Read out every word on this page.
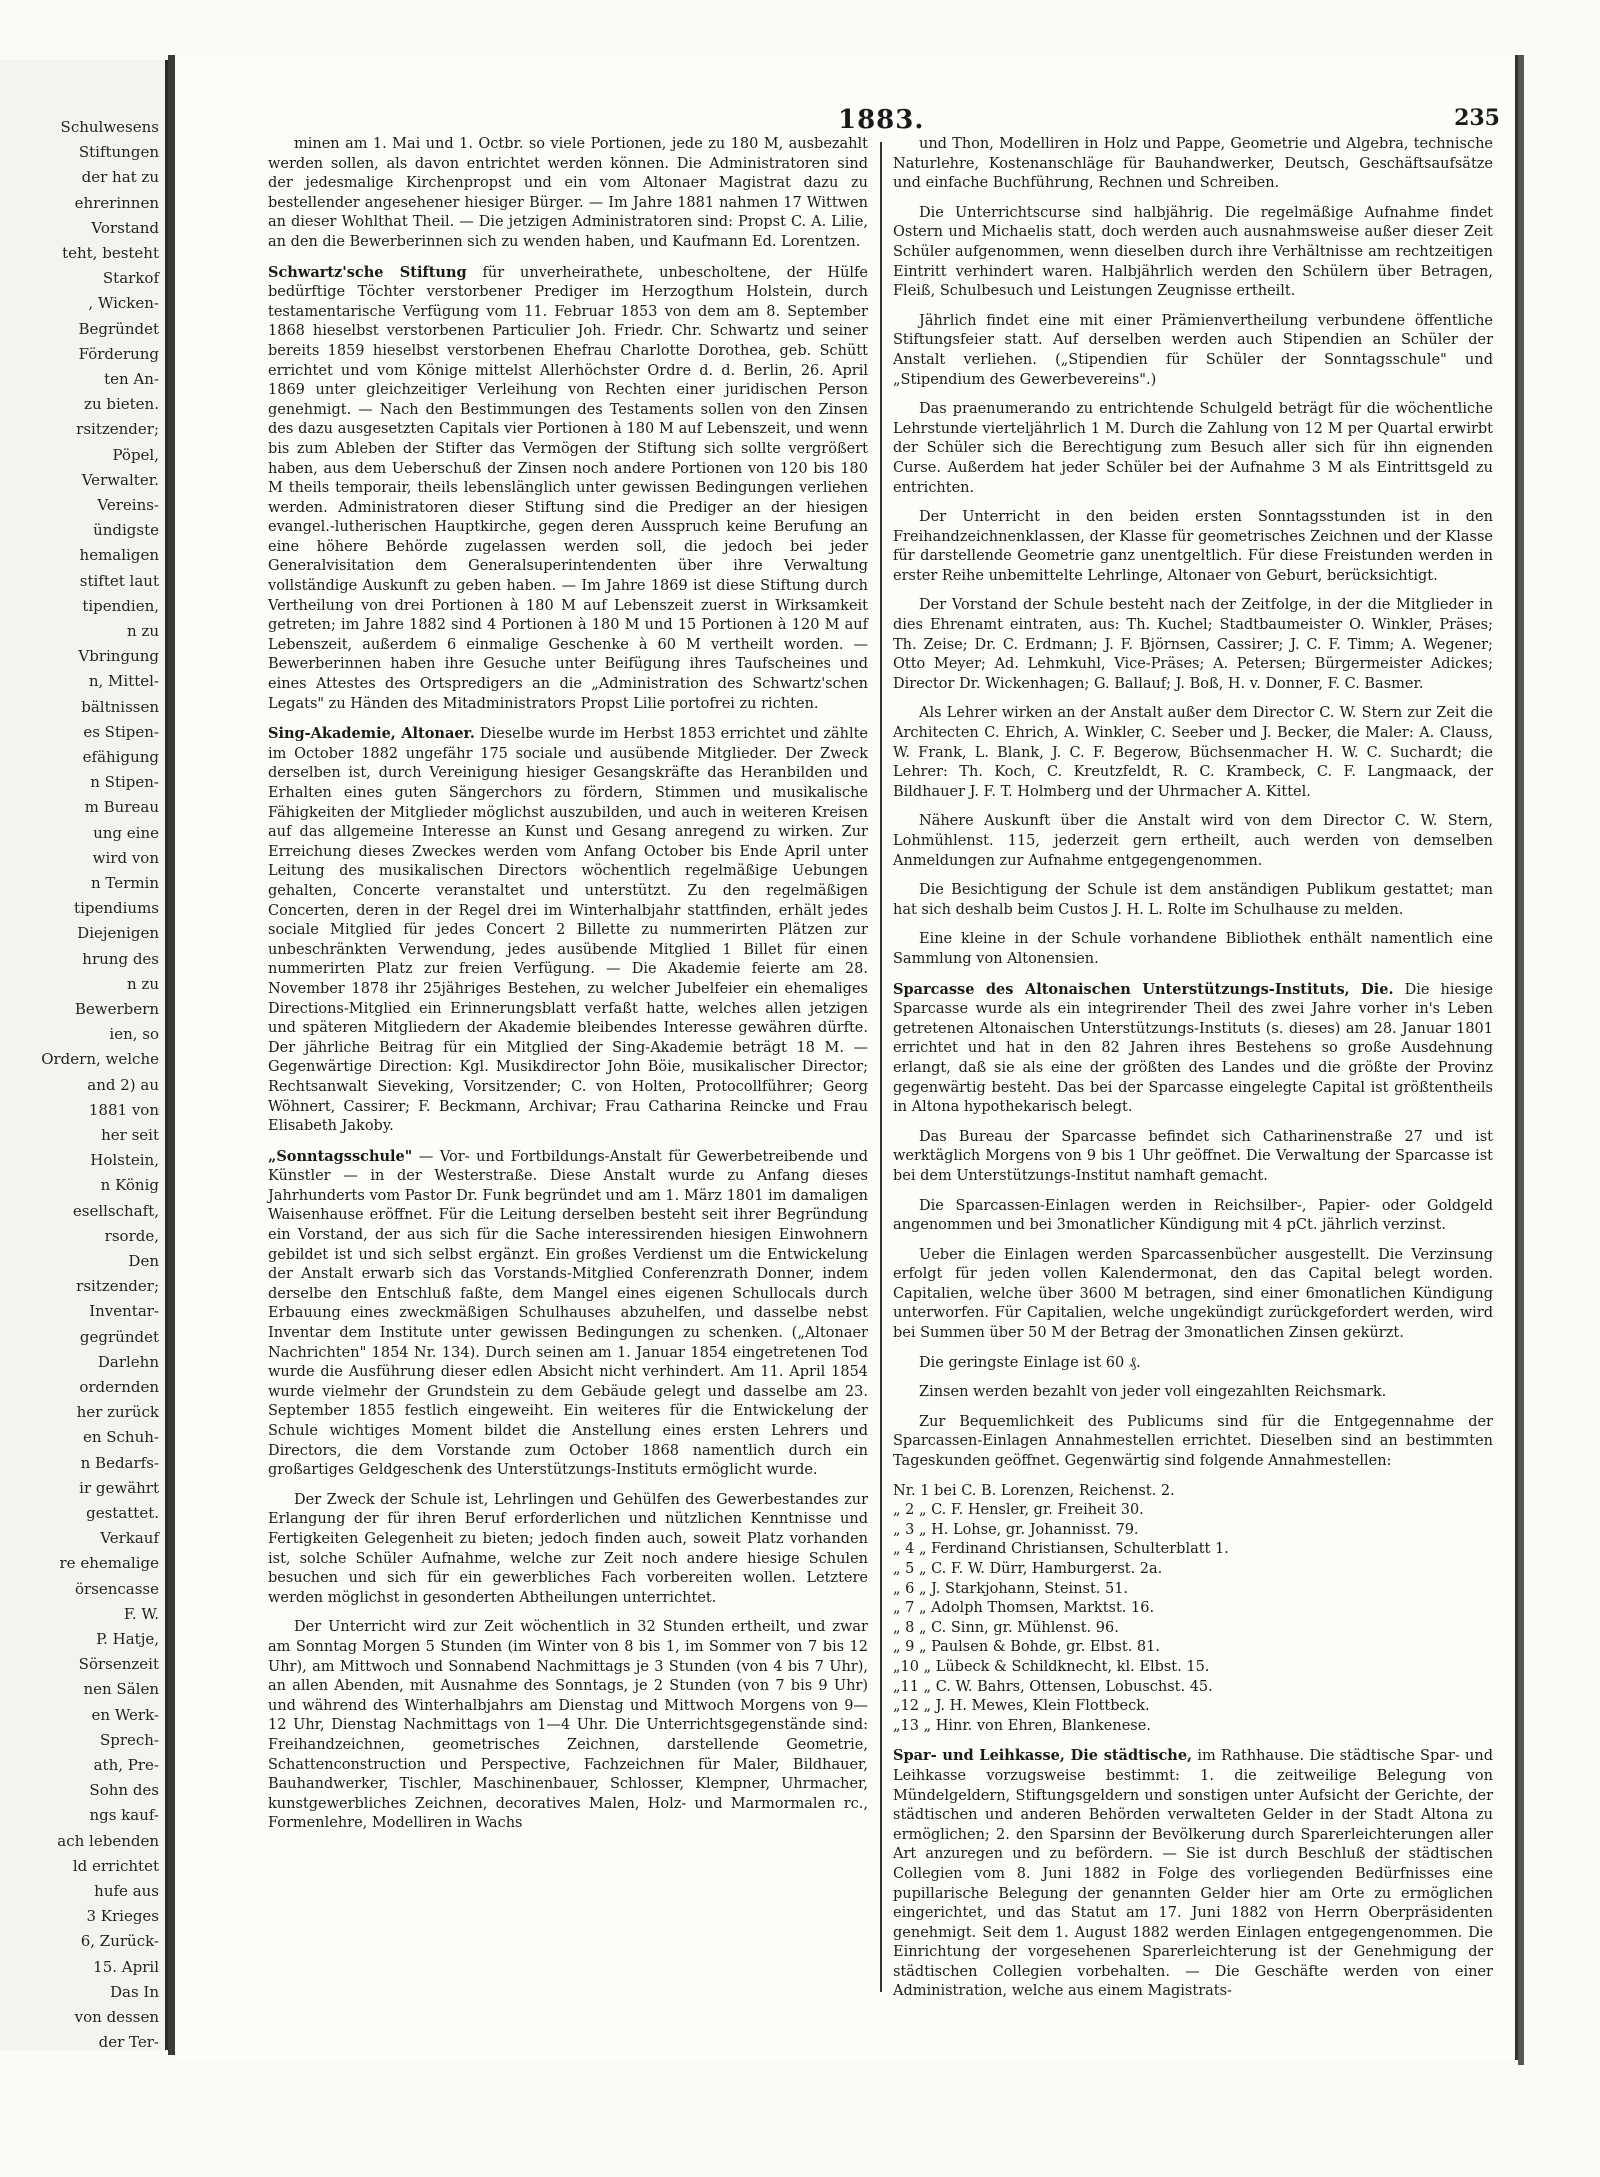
Schulwesens
Stiftungen
der hat zu
ehrerinnen
Vorstand
teht, besteht
Starkof
, Wicken-
Begründet
Förderung
ten An-
zu bieten.
rsitzender;
Pöpel,
Verwalter.
Vereins-
ündigste
hemaligen
stiftet laut
tipendien,
n zu
Vbringung
n, Mittel-
bältnissen
es Stipen-
efähigung
n Stipen-
m Bureau
ung eine
wird von
n Termin
tipendiums
Diejenigen
hrung des
n zu
Bewerbern
ien, so
Ordern, welche
and 2) au
1881 von
her seit
Holstein,
n König
esellschaft,
rsorde,
Den
rsitzender;
Inventar-
gegründet
Darlehn
ordernden
her zurück
en Schuh-
n Bedarfs-
ir gewährt
gestattet.
Verkauf
re ehemalige
örsencasse
F. W.
P. Hatje,
Sörsenzeit
nen Sälen
en Werk-
Sprech-
ath, Pre-
Sohn des
ngs kauf-
ach lebenden
ld errichtet
hufe aus
3 Krieges
6, Zurück-
15. April
Das In
von dessen
der Ter-
1883.	235

minen am 1. Mai und 1. Octbr. so viele Portionen, jede zu 180 M, ausbezahlt werden sollen, als davon entrichtet werden können. Die Administratoren sind der jedesmalige Kirchenpropst und ein vom Altonaer Magistrat dazu zu bestellender angesehener hiesiger Bürger. — Im Jahre 1881 nahmen 17 Wittwen an dieser Wohlthat Theil. — Die jetzigen Administratoren sind: Propst C. A. Lilie, an den die Bewerberinnen sich zu wenden haben, und Kaufmann Ed. Lorentzen.

Schwartz'sche Stiftung für unverheirathete, unbescholtene, der Hülfe bedürftige Töchter verstorbener Prediger im Herzogthum Holstein, durch testamentarische Verfügung vom 11. Februar 1853 von dem am 8. September 1868 hieselbst verstorbenen Particulier Joh. Friedr. Chr. Schwartz und seiner bereits 1859 hieselbst verstorbenen Ehefrau Charlotte Dorothea, geb. Schütt errichtet und vom Könige mittelst Allerhöchster Ordre d. d. Berlin, 26. April 1869 unter gleichzeitiger Verleihung von Rechten einer juridischen Person genehmigt. — Nach den Bestimmungen des Testaments sollen von den Zinsen des dazu ausgesetzten Capitals vier Portionen à 180 M auf Lebenszeit, und wenn bis zum Ableben der Stifter das Vermögen der Stiftung sich sollte vergrößert haben, aus dem Ueberschuß der Zinsen noch andere Portionen von 120 bis 180 M theils temporair, theils lebenslänglich unter gewissen Bedingungen verliehen werden. Administratoren dieser Stiftung sind die Prediger an der hiesigen evangel.-lutherischen Hauptkirche, gegen deren Ausspruch keine Berufung an eine höhere Behörde zugelassen werden soll, die jedoch bei jeder Generalvisitation dem Generalsuperintendenten über ihre Verwaltung vollständige Auskunft zu geben haben. — Im Jahre 1869 ist diese Stiftung durch Vertheilung von drei Portionen à 180 M auf Lebenszeit zuerst in Wirksamkeit getreten; im Jahre 1882 sind 4 Portionen à 180 M und 15 Portionen à 120 M auf Lebenszeit, außerdem 6 einmalige Geschenke à 60 M vertheilt worden. — Bewerberinnen haben ihre Gesuche unter Beifügung ihres Taufscheines und eines Attestes des Ortspredigers an die „Administration des Schwartz'schen Legats" zu Händen des Mitadministrators Propst Lilie portofrei zu richten.

Sing-Akademie, Altonaer. Dieselbe wurde im Herbst 1853 errichtet und zählte im October 1882 ungefähr 175 sociale und ausübende Mitglieder. Der Zweck derselben ist, durch Vereinigung hiesiger Gesangskräfte das Heranbilden und Erhalten eines guten Sängerchors zu fördern, Stimmen und musikalische Fähigkeiten der Mitglieder möglichst auszubilden, und auch in weiteren Kreisen auf das allgemeine Interesse an Kunst und Gesang anregend zu wirken. Zur Erreichung dieses Zweckes werden vom Anfang October bis Ende April unter Leitung des musikalischen Directors wöchentlich regelmäßige Uebungen gehalten, Concerte veranstaltet und unterstützt. Zu den regelmäßigen Concerten, deren in der Regel drei im Winterhalbjahr stattfinden, erhält jedes sociale Mitglied für jedes Concert 2 Billette zu nummerirten Plätzen zur unbeschränkten Verwendung, jedes ausübende Mitglied 1 Billet für einen nummerirten Platz zur freien Verfügung. — Die Akademie feierte am 28. November 1878 ihr 25jähriges Bestehen, zu welcher Jubelfeier ein ehemaliges Directions-Mitglied ein Erinnerungsblatt verfaßt hatte, welches allen jetzigen und späteren Mitgliedern der Akademie bleibendes Interesse gewähren dürfte. Der jährliche Beitrag für ein Mitglied der Sing-Akademie beträgt 18 M. — Gegenwärtige Direction: Kgl. Musikdirector John Böie, musikalischer Director; Rechtsanwalt Sieveking, Vorsitzender; C. von Holten, Protocollführer; Georg Wöhnert, Cassirer; F. Beckmann, Archivar; Frau Catharina Reincke und Frau Elisabeth Jakoby.

„Sonntagsschule" — Vor- und Fortbildungs-Anstalt für Gewerbetreibende und Künstler — in der Westerstraße. Diese Anstalt wurde zu Anfang dieses Jahrhunderts vom Pastor Dr. Funk begründet und am 1. März 1801 im damaligen Waisenhause eröffnet. Für die Leitung derselben besteht seit ihrer Begründung ein Vorstand, der aus sich für die Sache interessirenden hiesigen Einwohnern gebildet ist und sich selbst ergänzt. Ein großes Verdienst um die Entwickelung der Anstalt erwarb sich das Vorstands-Mitglied Conferenzrath Donner, indem derselbe den Entschluß faßte, dem Mangel eines eigenen Schullocals durch Erbauung eines zweckmäßigen Schulhauses abzuhelfen, und dasselbe nebst Inventar dem Institute unter gewissen Bedingungen zu schenken. („Altonaer Nachrichten" 1854 Nr. 134). Durch seinen am 1. Januar 1854 eingetretenen Tod wurde die Ausführung dieser edlen Absicht nicht verhindert. Am 11. April 1854 wurde vielmehr der Grundstein zu dem Gebäude gelegt und dasselbe am 23. September 1855 festlich eingeweiht. Ein weiteres für die Entwickelung der Schule wichtiges Moment bildet die Anstellung eines ersten Lehrers und Directors, die dem Vorstande zum October 1868 namentlich durch ein großartiges Geldgeschenk des Unterstützungs-Instituts ermöglicht wurde.

Der Zweck der Schule ist, Lehrlingen und Gehülfen des Gewerbestandes zur Erlangung der für ihren Beruf erforderlichen und nützlichen Kenntnisse und Fertigkeiten Gelegenheit zu bieten; jedoch finden auch, soweit Platz vorhanden ist, solche Schüler Aufnahme, welche zur Zeit noch andere hiesige Schulen besuchen und sich für ein gewerbliches Fach vorbereiten wollen. Letztere werden möglichst in gesonderten Abtheilungen unterrichtet.

Der Unterricht wird zur Zeit wöchentlich in 32 Stunden ertheilt, und zwar am Sonntag Morgen 5 Stunden (im Winter von 8 bis 1, im Sommer von 7 bis 12 Uhr), am Mittwoch und Sonnabend Nachmittags je 3 Stunden (von 4 bis 7 Uhr), an allen Abenden, mit Ausnahme des Sonntags, je 2 Stunden (von 7 bis 9 Uhr) und während des Winterhalbjahrs am Dienstag und Mittwoch Morgens von 9—12 Uhr, Dienstag Nachmittags von 1—4 Uhr. Die Unterrichtsgegenstände sind: Freihandzeichnen, geometrisches Zeichnen, darstellende Geometrie, Schattenconstruction und Perspective, Fachzeichnen für Maler, Bildhauer, Bauhandwerker, Tischler, Maschinenbauer, Schlosser, Klempner, Uhrmacher, kunstgewerbliches Zeichnen, decoratives Malen, Holz- und Marmormalen rc., Formenlehre, Modelliren in Wachs

und Thon, Modelliren in Holz und Pappe, Geometrie und Algebra, technische Naturlehre, Kostenanschläge für Bauhandwerker, Deutsch, Geschäftsaufsätze und einfache Buchführung, Rechnen und Schreiben.

Die Unterrichtscurse sind halbjährig. Die regelmäßige Aufnahme findet Ostern und Michaelis statt, doch werden auch ausnahmsweise außer dieser Zeit Schüler aufgenommen, wenn dieselben durch ihre Verhältnisse am rechtzeitigen Eintritt verhindert waren. Halbjährlich werden den Schülern über Betragen, Fleiß, Schulbesuch und Leistungen Zeugnisse ertheilt.

Jährlich findet eine mit einer Prämienvertheilung verbundene öffentliche Stiftungsfeier statt. Auf derselben werden auch Stipendien an Schüler der Anstalt verliehen. („Stipendien für Schüler der Sonntagsschule" und „Stipendium des Gewerbevereins".)

Das praenumerando zu entrichtende Schulgeld beträgt für die wöchentliche Lehrstunde vierteljährlich 1 M. Durch die Zahlung von 12 M per Quartal erwirbt der Schüler sich die Berechtigung zum Besuch aller sich für ihn eignenden Curse. Außerdem hat jeder Schüler bei der Aufnahme 3 M als Eintrittsgeld zu entrichten.

Der Unterricht in den beiden ersten Sonntagsstunden ist in den Freihandzeichnenklassen, der Klasse für geometrisches Zeichnen und der Klasse für darstellende Geometrie ganz unentgeltlich. Für diese Freistunden werden in erster Reihe unbemittelte Lehrlinge, Altonaer von Geburt, berücksichtigt.

Der Vorstand der Schule besteht nach der Zeitfolge, in der die Mitglieder in dies Ehrenamt eintraten, aus: Th. Kuchel; Stadtbaumeister O. Winkler, Präses; Th. Zeise; Dr. C. Erdmann; J. F. Björnsen, Cassirer; J. C. F. Timm; A. Wegener; Otto Meyer; Ad. Lehmkuhl, Vice-Präses; A. Petersen; Bürgermeister Adickes; Director Dr. Wickenhagen; G. Ballauf; J. Boß, H. v. Donner, F. C. Basmer.

Als Lehrer wirken an der Anstalt außer dem Director C. W. Stern zur Zeit die Architecten C. Ehrich, A. Winkler, C. Seeber und J. Becker, die Maler: A. Clauss, W. Frank, L. Blank, J. C. F. Begerow, Büchsenmacher H. W. C. Suchardt; die Lehrer: Th. Koch, C. Kreutzfeldt, R. C. Krambeck, C. F. Langmaack, der Bildhauer J. F. T. Holmberg und der Uhrmacher A. Kittel.

Nähere Auskunft über die Anstalt wird von dem Director C. W. Stern, Lohmühlenst. 115, jederzeit gern ertheilt, auch werden von demselben Anmeldungen zur Aufnahme entgegengenommen.

Die Besichtigung der Schule ist dem anständigen Publikum gestattet; man hat sich deshalb beim Custos J. H. L. Rolte im Schulhause zu melden.

Eine kleine in der Schule vorhandene Bibliothek enthält namentlich eine Sammlung von Altonensien.

Sparcasse des Altonaischen Unterstützungs-Instituts, Die. Die hiesige Sparcasse wurde als ein integrirender Theil des zwei Jahre vorher in's Leben getretenen Altonaischen Unterstützungs-Instituts (s. dieses) am 28. Januar 1801 errichtet und hat in den 82 Jahren ihres Bestehens so große Ausdehnung erlangt, daß sie als eine der größten des Landes und die größte der Provinz gegenwärtig besteht. Das bei der Sparcasse eingelegte Capital ist größtentheils in Altona hypothekarisch belegt.

Das Bureau der Sparcasse befindet sich Catharinenstraße 27 und ist werktäglich Morgens von 9 bis 1 Uhr geöffnet. Die Verwaltung der Sparcasse ist bei dem Unterstützungs-Institut namhaft gemacht.

Die Sparcassen-Einlagen werden in Reichsilber-, Papier- oder Goldgeld angenommen und bei 3monatlicher Kündigung mit 4 pCt. jährlich verzinst.

Ueber die Einlagen werden Sparcassenbücher ausgestellt. Die Verzinsung erfolgt für jeden vollen Kalendermonat, den das Capital belegt worden. Capitalien, welche über 3600 M betragen, sind einer 6monatlichen Kündigung unterworfen. Für Capitalien, welche ungekündigt zurückgefordert werden, wird bei Summen über 50 M der Betrag der 3monatlichen Zinsen gekürzt.

Die geringste Einlage ist 60 ₰.

Zinsen werden bezahlt von jeder voll eingezahlten Reichsmark.

Zur Bequemlichkeit des Publicums sind für die Entgegennahme der Sparcassen-Einlagen Annahmestellen errichtet. Dieselben sind an bestimmten Tageskunden geöffnet. Gegenwärtig sind folgende Annahmestellen:

Nr. 1 bei C. B. Lorenzen, Reichenst. 2.
„ 2 „ C. F. Hensler, gr. Freiheit 30.
„ 3 „ H. Lohse, gr. Johannisst. 79.
„ 4 „ Ferdinand Christiansen, Schulterblatt 1.
„ 5 „ C. F. W. Dürr, Hamburgerst. 2a.
„ 6 „ J. Starkjohann, Steinst. 51.
„ 7 „ Adolph Thomsen, Marktst. 16.
„ 8 „ C. Sinn, gr. Mühlenst. 96.
„ 9 „ Paulsen & Bohde, gr. Elbst. 81.
„10 „ Lübeck & Schildknecht, kl. Elbst. 15.
„11 „ C. W. Bahrs, Ottensen, Lobuschst. 45.
„12 „ J. H. Mewes, Klein Flottbeck.
„13 „ Hinr. von Ehren, Blankenese.

Spar- und Leihkasse, Die städtische, im Rathhause. Die städtische Spar- und Leihkasse vorzugsweise bestimmt: 1. die zeitweilige Belegung von Mündelgeldern, Stiftungsgeldern und sonstigen unter Aufsicht der Gerichte, der städtischen und anderen Behörden verwalteten Gelder in der Stadt Altona zu ermöglichen; 2. den Sparsinn der Bevölkerung durch Sparerleichterungen aller Art anzuregen und zu befördern. — Sie ist durch Beschluß der städtischen Collegien vom 8. Juni 1882 in Folge des vorliegenden Bedürfnisses eine pupillarische Belegung der genannten Gelder hier am Orte zu ermöglichen eingerichtet, und das Statut am 17. Juni 1882 von Herrn Oberpräsidenten genehmigt. Seit dem 1. August 1882 werden Einlagen entgegengenommen. Die Einrichtung der vorgesehenen Sparerleichterung ist der Genehmigung der städtischen Collegien vorbehalten. — Die Geschäfte werden von einer Administration, welche aus einem Magistrats-
